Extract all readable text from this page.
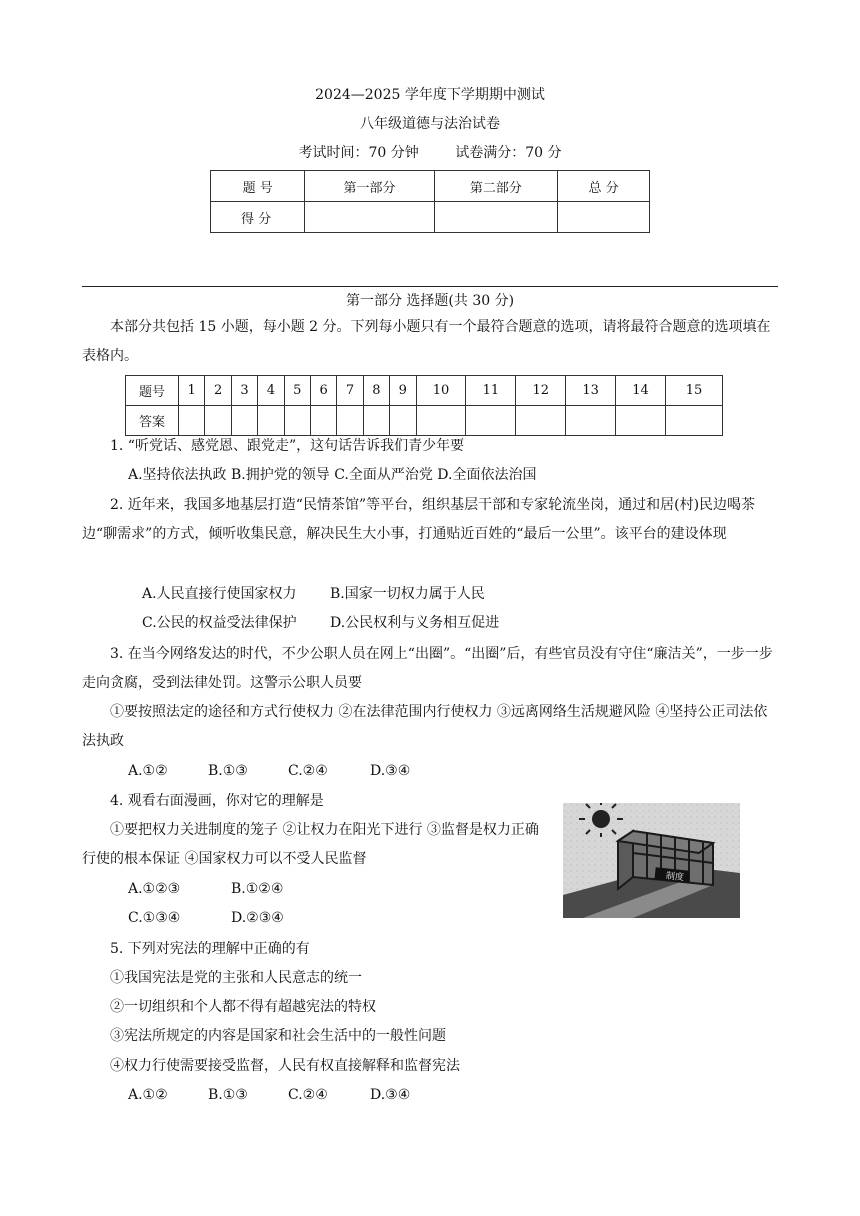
2024—2025 学年度下学期期中测试
八年级道德与法治试卷
考试时间：70 分钟	试卷满分：70 分
题 号	第一部分	第二部分	总 分
得 分			
第一部分 选择题(共 30 分)
本部分共包括 15 小题，每小题 2 分。下列每小题只有一个最符合题意的选项，请将最符合题意的选项填在表格内。
题号	1	2	3	4	5	6	7	8	9	10	11	12	13	14	15
答案															
1. “听党话、感党恩、跟党走”，这句话告诉我们青少年要
A.坚持依法执政 B.拥护党的领导 C.全面从严治党 D.全面依法治国
2. 近年来，我国多地基层打造“民情茶馆”等平台，组织基层干部和专家轮流坐岗，通过和居(村)民边喝茶边“聊需求”的方式，倾听收集民意，解决民生大小事，打通贴近百姓的“最后一公里”。该平台的建设体现
A.人民直接行使国家权力 B.国家一切权力属于人民
C.公民的权益受法律保护 D.公民权利与义务相互促进
3. 在当今网络发达的时代，不少公职人员在网上“出圈”。“出圈”后，有些官员没有守住“廉洁关”，一步一步走向贪腐，受到法律处罚。这警示公职人员要
①要按照法定的途径和方式行使权力 ②在法律范围内行使权力 ③远离网络生活规避风险 ④坚持公正司法依法执政
A.①②	B.①③	C.②④	D.③④
4. 观看右面漫画，你对它的理解是
①要把权力关进制度的笼子 ②让权力在阳光下进行 ③监督是权力正确行使的根本保证 ④国家权力可以不受人民监督
A.①②③	B.①②④
C.①③④	D.②③④
制度
5. 下列对宪法的理解中正确的有
①我国宪法是党的主张和人民意志的统一
②一切组织和个人都不得有超越宪法的特权
③宪法所规定的内容是国家和社会生活中的一般性问题
④权力行使需要接受监督，人民有权直接解释和监督宪法
A.①②	B.①③	C.②④	D.③④
